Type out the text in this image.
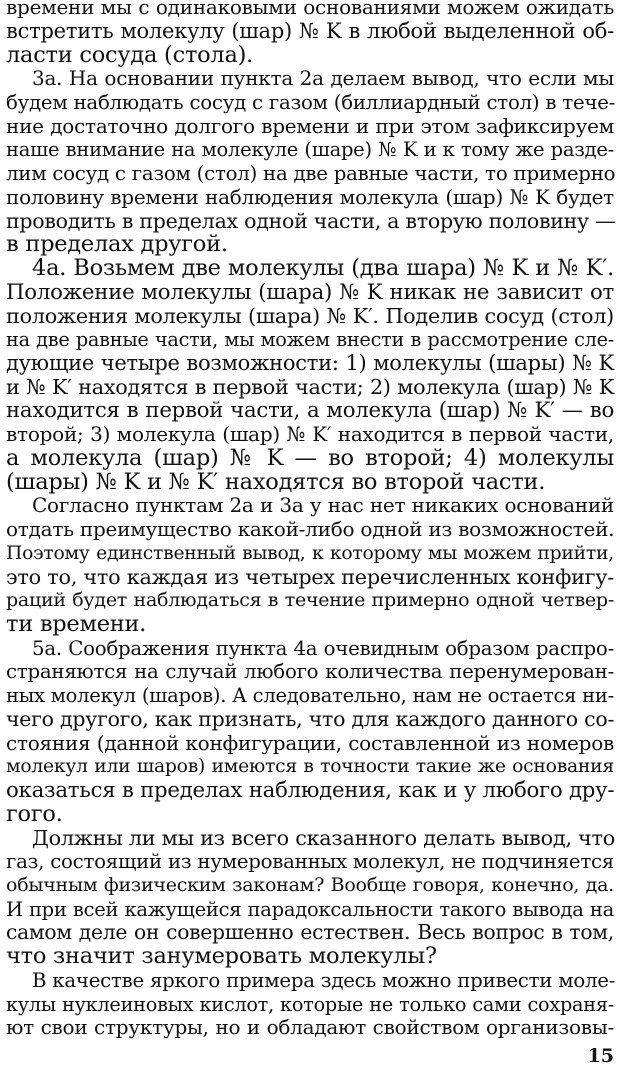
времени мы с одинаковыми основаниями можем ожидать
встретить молекулу (шар) № K в любой выделенной об-
ласти сосуда (стола).
3а. На основании пункта 2а делаем вывод, что если мы
будем наблюдать сосуд с газом (биллиардный стол) в тече-
ние достаточно долгого времени и при этом зафиксируем
наше внимание на молекуле (шаре) № K и к тому же разде-
лим сосуд с газом (стол) на две равные части, то примерно
половину времени наблюдения молекула (шар) № K будет
проводить в пределах одной части, а вторую половину —
в пределах другой.
4а. Возьмем две молекулы (два шара) № K и № K′.
Положение молекулы (шара) № K никак не зависит от
положения молекулы (шара) № K′. Поделив сосуд (стол)
на две равные части, мы можем внести в рассмотрение сле-
дующие четыре возможности: 1) молекулы (шары) № K
и № K′ находятся в первой части; 2) молекула (шар) № K
находится в первой части, а молекула (шар) № K′ — во
второй; 3) молекула (шар) № K′ находится в первой части,
а молекула (шар) № K — во второй; 4) молекулы
(шары) № K и № K′ находятся во второй части.
Согласно пунктам 2а и 3а у нас нет никаких оснований
отдать преимущество какой-либо одной из возможностей.
Поэтому единственный вывод, к которому мы можем прийти,
это то, что каждая из четырех перечисленных конфигу-
раций будет наблюдаться в течение примерно одной четвер-
ти времени.
5а. Соображения пункта 4а очевидным образом распро-
страняются на случай любого количества перенумерован-
ных молекул (шаров). А следовательно, нам не остается ни-
чего другого, как признать, что для каждого данного со-
стояния (данной конфигурации, составленной из номеров
молекул или шаров) имеются в точности такие же основания
оказаться в пределах наблюдения, как и у любого дру-
гого.
Должны ли мы из всего сказанного делать вывод, что
газ, состоящий из нумерованных молекул, не подчиняется
обычным физическим законам? Вообще говоря, конечно, да.
И при всей кажущейся парадоксальности такого вывода на
самом деле он совершенно естествен. Весь вопрос в том,
что значит занумеровать молекулы?
В качестве яркого примера здесь можно привести моле-
кулы нуклеиновых кислот, которые не только сами сохраня-
ют свои структуры, но и обладают свойством организовы-
15
